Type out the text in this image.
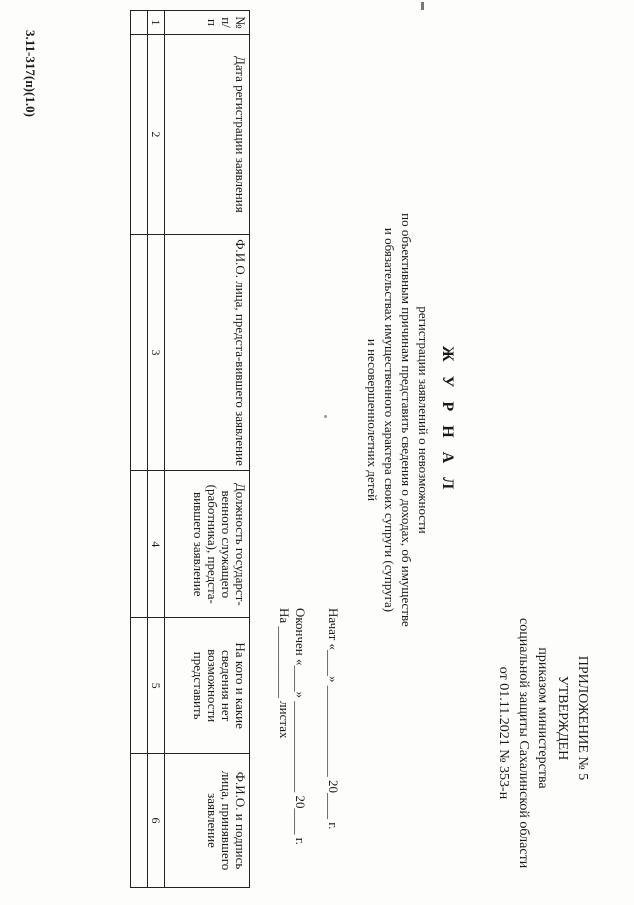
ПРИЛОЖЕНИЕ № 5
УТВЕРЖДЕН
приказом министерства
социальной защиты Сахалинской области
от 01.11.2021 № 353-н
Ж У Р Н А Л
регистрации заявлений о невозможности
по объективным причинам представить сведения о доходах, об имуществе
и обязательствах имущественного характера своих супруги (супруга)
и несовершеннолетних детей
Начат «____» ______________ 20____ г.
Окончен «____» ______________ 20____ г.
На ___________ листах
№ п/п	Дата регистрации заявления	Ф.И.О. лица, предста-вившего заявление	Должность государст-венного служащего (работника), предста-вившего заявление	На кого и какие сведения нет возможности представить	Ф.И.О. и подпись лица, принявшего заявление
1	2	3	4	5	6

3.11-317(п)(1.0)
